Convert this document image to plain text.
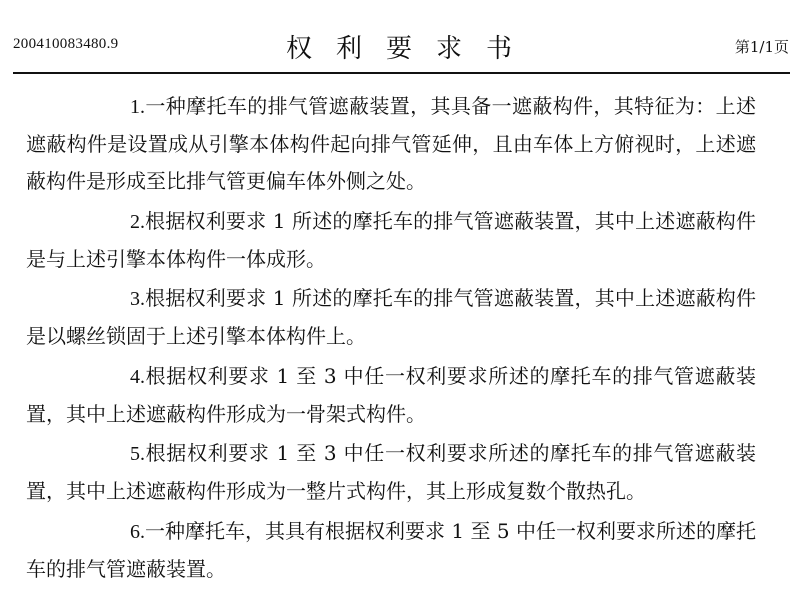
200410083480.9	权利要求书	第1/1页

1.一种摩托车的排气管遮蔽装置，其具备一遮蔽构件，其特征为：上述遮蔽构件是设置成从引擎本体构件起向排气管延伸，且由车体上方俯视时，上述遮蔽构件是形成至比排气管更偏车体外侧之处。

2.根据权利要求 1 所述的摩托车的排气管遮蔽装置，其中上述遮蔽构件是与上述引擎本体构件一体成形。

3.根据权利要求 1 所述的摩托车的排气管遮蔽装置，其中上述遮蔽构件是以螺丝锁固于上述引擎本体构件上。

4.根据权利要求 1 至 3 中任一权利要求所述的摩托车的排气管遮蔽装置，其中上述遮蔽构件形成为一骨架式构件。

5.根据权利要求 1 至 3 中任一权利要求所述的摩托车的排气管遮蔽装置，其中上述遮蔽构件形成为一整片式构件，其上形成复数个散热孔。

6.一种摩托车，其具有根据权利要求 1 至 5 中任一权利要求所述的摩托车的排气管遮蔽装置。
